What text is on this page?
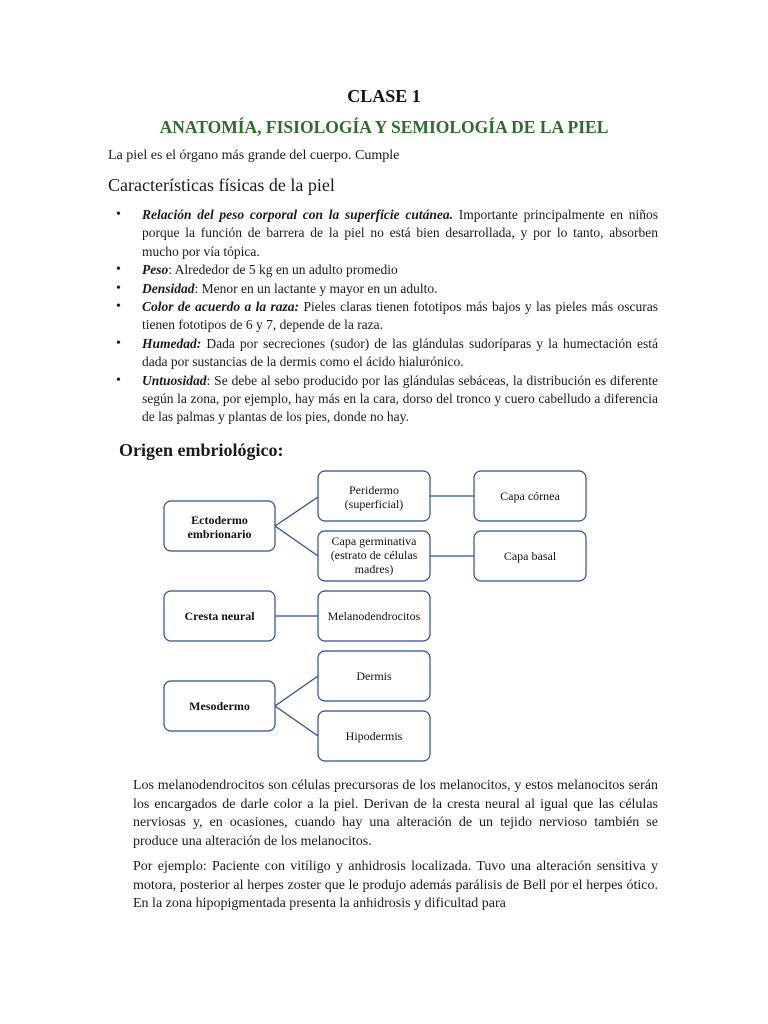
CLASE 1
ANATOMÍA, FISIOLOGÍA Y SEMIOLOGÍA DE LA PIEL

La piel es el órgano más grande del cuerpo. Cumple

Características físicas de la piel
• Relación del peso corporal con la superficie cutánea. Importante principalmente en niños porque la función de barrera de la piel no está bien desarrollada, y por lo tanto, absorben mucho por vía tópica.
• Peso: Alrededor de 5 kg en un adulto promedio
• Densidad: Menor en un lactante y mayor en un adulto.
• Color de acuerdo a la raza: Pieles claras tienen fototipos más bajos y las pieles más oscuras tienen fototipos de 6 y 7, depende de la raza.
• Humedad: Dada por secreciones (sudor) de las glándulas sudoríparas y la humectación está dada por sustancias de la dermis como el ácido hialurónico.
• Untuosidad: Se debe al sebo producido por las glándulas sebáceas, la distribución es diferente según la zona, por ejemplo, hay más en la cara, dorso del tronco y cuero cabelludo a diferencia de las palmas y plantas de los pies, donde no hay.
Origen embriológico:
Ectodermo
embrionario
Peridermo
(superficial)
Capa germinativa
(estrato de células
madres)
Capa córnea
Capa basal
Cresta neural	Melanodendrocitos
Mesodermo
Dermis
Hipodermis

Los melanodendrocitos son células precursoras de los melanocitos, y estos melanocitos serán los encargados de darle color a la piel. Derivan de la cresta neural al igual que las células nerviosas y, en ocasiones, cuando hay una alteración de un tejido nervioso también se produce una alteración de los melanocitos.

Por ejemplo: Paciente con vitíligo y anhidrosis localizada. Tuvo una alteración sensitiva y motora, posterior al herpes zoster que le produjo además parálisis de Bell por el herpes ótico. En la zona hipopigmentada presenta la anhidrosis y dificultad para
